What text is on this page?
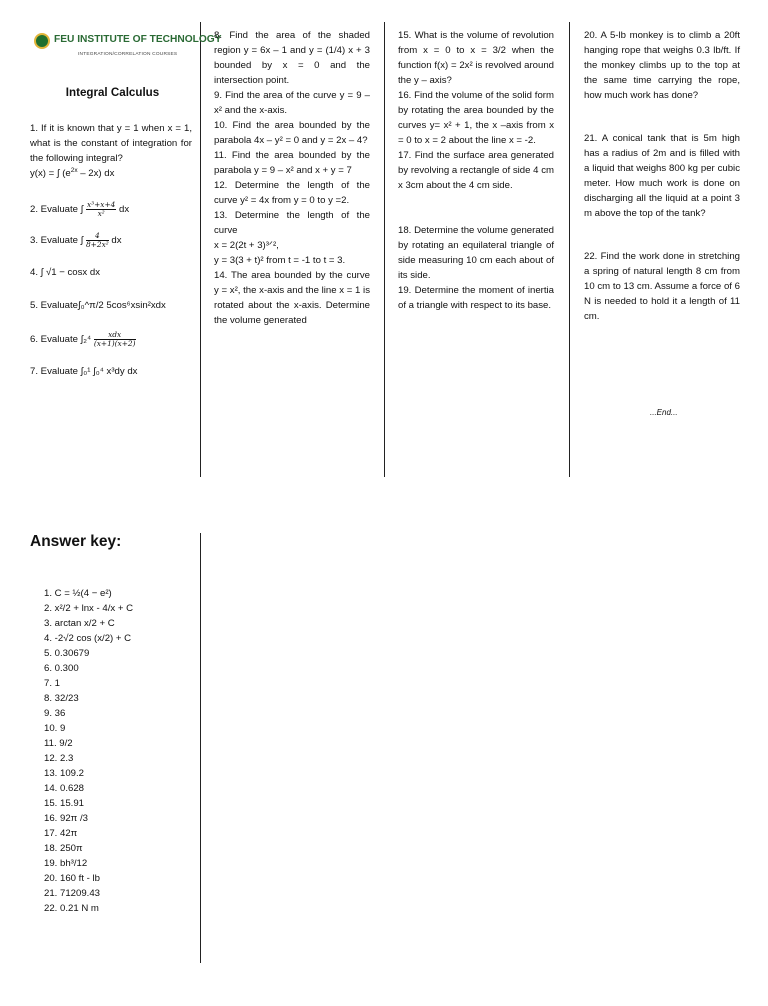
FEU INSTITUTE OF TECHNOLOGY
INTEGRATION/CORRELATION COURSES
Integral Calculus

1. If it is known that y = 1 when x = 1, what is the constant of integration for the following integral?

y(x) = ∫ $(e^{2x} - 2x)$ dx

2. Evaluate ∫ $\frac{\text{x³+x+4}}{\text{x²}}$ dx

3. Evaluate ∫ $\frac{4}{\text{8+2x²}}$ dx

4. ∫ √1 − cosx dx

5. Evaluate∫₀^π/2 5cos⁶xsin²xdx

6. Evaluate $\int_2^4 \frac{\text{xdx}}{(x+1)(x+2)}$

7. Evaluate ∫₀¹ ∫₀⁴ x³dy dx

8. Find the area of the shaded region y = 6x – 1 and y = (1/4) x + 3 bounded by x = 0 and the intersection point.

9. Find the area of the curve y = 9 –x² and the x-axis.

10. Find the area bounded by the parabola 4x – y² = 0 and y = 2x – 4?

11. Find the area bounded by the parabola y = 9 – x² and x + y = 7

12. Determine the length of the curve y² = 4x from y = 0 to y =2.

13. Determine the length of the curve

x = 2(2t + 3)³ᐟ²,

y = 3(3 + t)² from t = -1 to t = 3.

14. The area bounded by the curve y = x², the x-axis and the line x = 1 is rotated about the x-axis. Determine the volume generated

15. What is the volume of revolution from x = 0 to x = 3/2 when the function f(x) = 2x² is revolved around the y – axis?

16. Find the volume of the solid form by rotating the area bounded by the curves y= x² + 1, the x –axis from x = 0 to x = 2 about the line x = -2.

17. Find the surface area generated by revolving a rectangle of side 4 cm x 3cm about the 4 cm side.

18. Determine the volume generated by rotating an equilateral triangle of side measuring 10 cm each about of its side.

19. Determine the moment of inertia of a triangle with respect to its base.

20. A 5-lb monkey is to climb a 20ft hanging rope that weighs 0.3 lb/ft. If the monkey climbs up to the top at the same time carrying the rope, how much work has done?

21. A conical tank that is 5m high has a radius of 2m and is filled with a liquid that weighs 800 kg per cubic meter. How much work is done on discharging all the liquid at a point 3 m above the top of the tank?

22. Find the work done in stretching a spring of natural length 8 cm from 10 cm to 13 cm. Assume a force of 6 N is needed to hold it a length of 11 cm.

...End...
Answer key:
1. C = ½(4 − e²)
2. x²/2 + lnx - 4/x + C
3. arctan x/2 + C
4. -2√2 cos (x/2) + C
5. 0.30679
6. 0.300
7. 1
8. 32/23
9. 36
10. 9
11. 9/2
12. 2.3
13. 109.2
14. 0.628
15. 15.91
16. 92π /3
17. 42π
18. 250π
19. bh³/12
20. 160 ft - lb
21. 71209.43
22. 0.21 N m
